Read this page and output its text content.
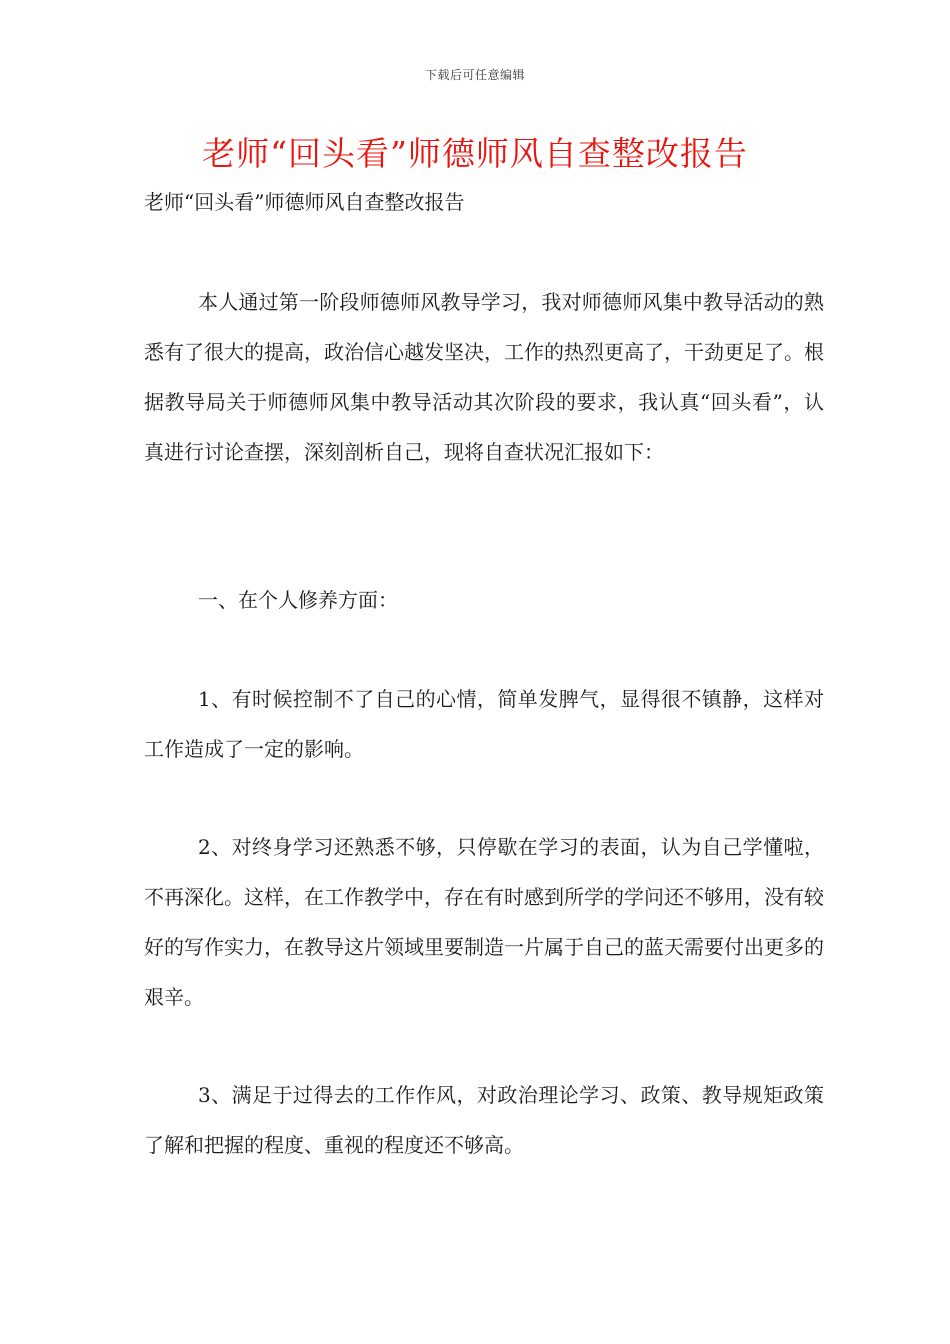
下载后可任意编辑
老师“回头看”师德师风自查整改报告

老师“回头看”师德师风自查整改报告

本人通过第一阶段师德师风教导学习，我对师德师风集中教导活动的熟悉有了很大的提高，政治信心越发坚决，工作的热烈更高了，干劲更足了。根据教导局关于师德师风集中教导活动其次阶段的要求，我认真“回头看”，认真进行讨论查摆，深刻剖析自己，现将自查状况汇报如下：

一、在个人修养方面：

1、有时候控制不了自己的心情，简单发脾气，显得很不镇静，这样对工作造成了一定的影响。

2、对终身学习还熟悉不够，只停歇在学习的表面，认为自己学懂啦，不再深化。这样，在工作教学中，存在有时感到所学的学问还不够用，没有较好的写作实力，在教导这片领域里要制造一片属于自己的蓝天需要付出更多的艰辛。

3、满足于过得去的工作作风，对政治理论学习、政策、教导规矩政策了解和把握的程度、重视的程度还不够高。
